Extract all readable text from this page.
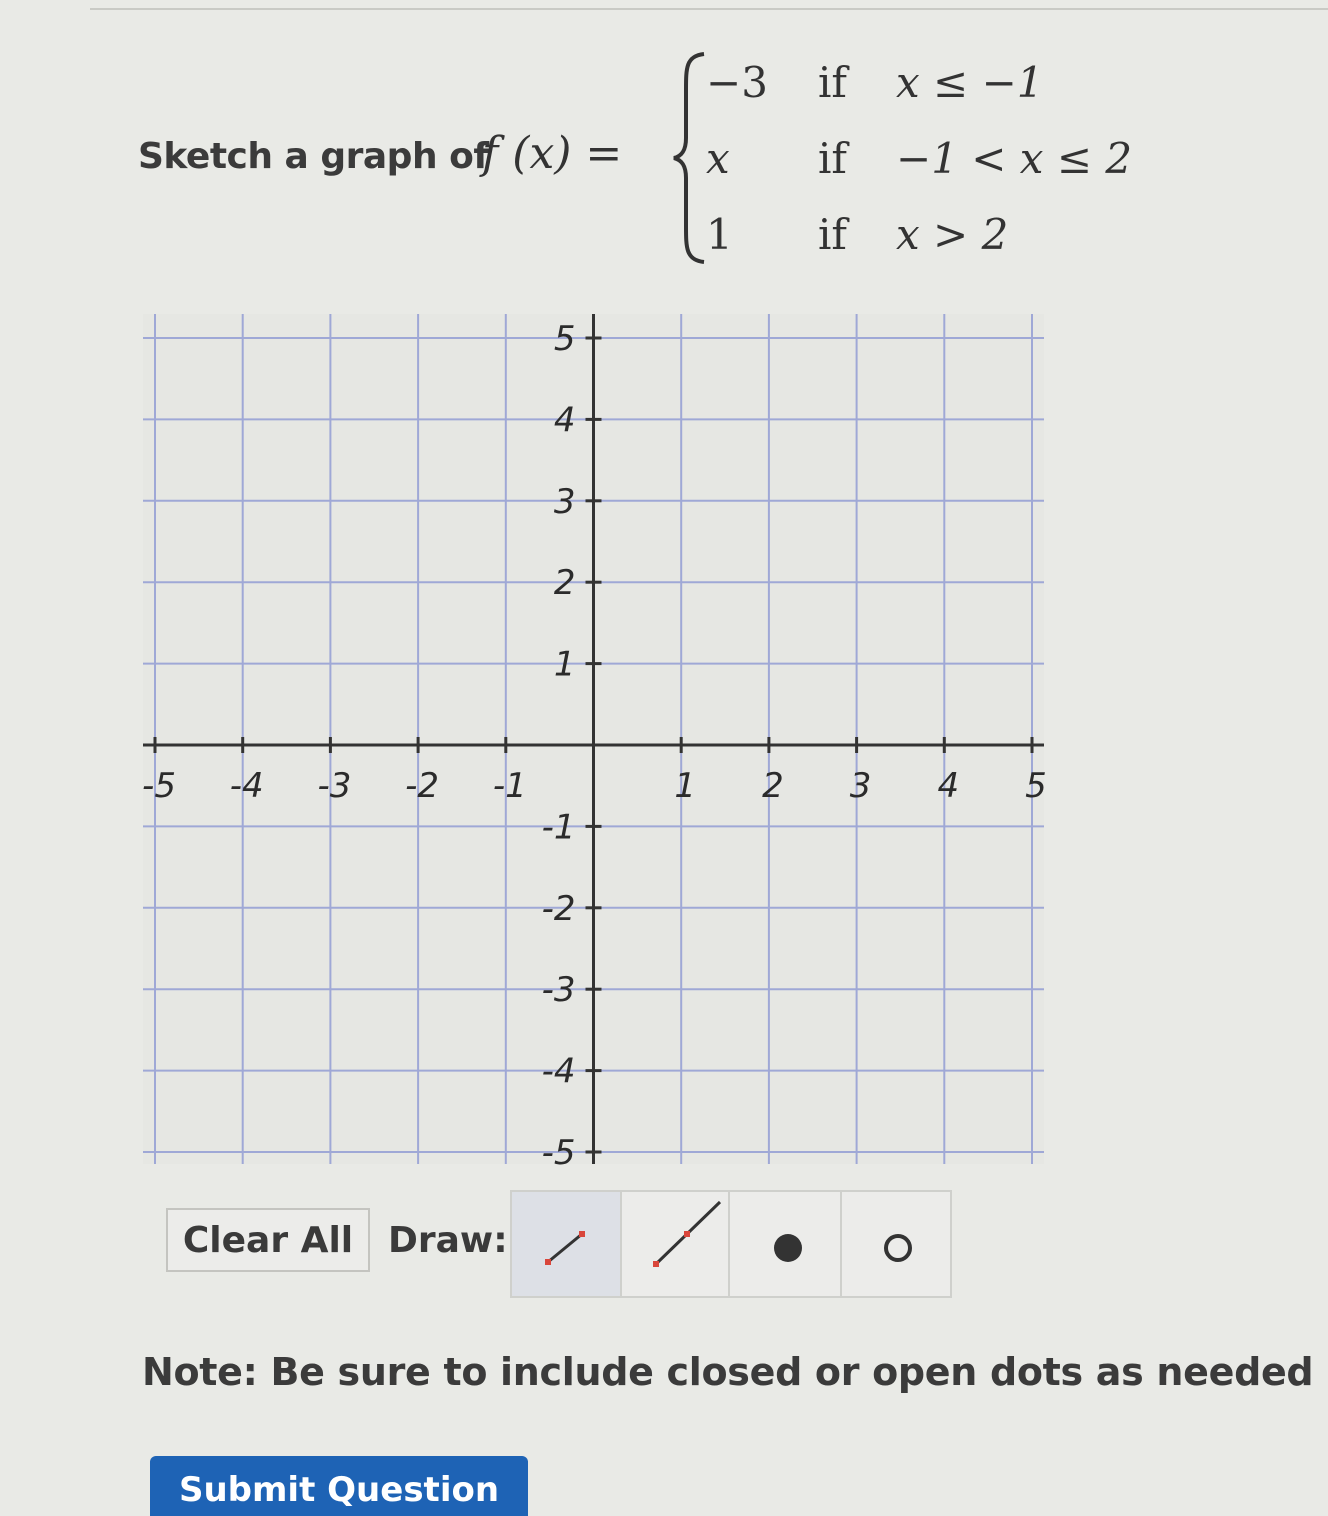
Sketch a graph of
f (x) =
−3 if x ≤ −1
x if −1 < x ≤ 2
1 if x > 2
-5 -4 -3 -2 -1	1 2 3 4 5
5
4
3
2
1
-1
-2
-3
-4
-5
Clear All Draw:
Note: Be sure to include closed or open dots as needed
Submit Question
